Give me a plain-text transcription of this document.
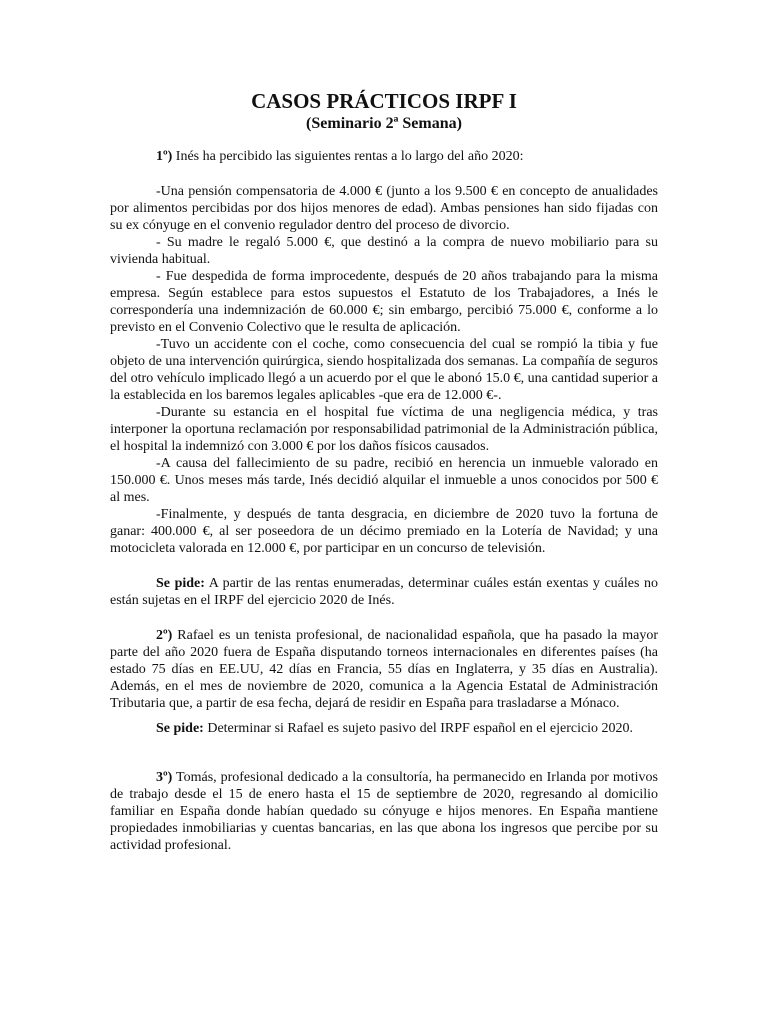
CASOS PRÁCTICOS IRPF I
(Seminario 2ª Semana)

1º) Inés ha percibido las siguientes rentas a lo largo del año 2020:

-Una pensión compensatoria de 4.000 € (junto a los 9.500 € en concepto de anualidades por alimentos percibidas por dos hijos menores de edad). Ambas pensiones han sido fijadas con su ex cónyuge en el convenio regulador dentro del proceso de divorcio.

- Su madre le regaló 5.000 €, que destinó a la compra de nuevo mobiliario para su vivienda habitual.

- Fue despedida de forma improcedente, después de 20 años trabajando para la misma empresa. Según establece para estos supuestos el Estatuto de los Trabajadores, a Inés le correspondería una indemnización de 60.000 €; sin embargo, percibió 75.000 €, conforme a lo previsto en el Convenio Colectivo que le resulta de aplicación.

-Tuvo un accidente con el coche, como consecuencia del cual se rompió la tibia y fue objeto de una intervención quirúrgica, siendo hospitalizada dos semanas. La compañía de seguros del otro vehículo implicado llegó a un acuerdo por el que le abonó 15.0 €, una cantidad superior a la establecida en los baremos legales aplicables -que era de 12.000 €-.

-Durante su estancia en el hospital fue víctima de una negligencia médica, y tras interponer la oportuna reclamación por responsabilidad patrimonial de la Administración pública, el hospital la indemnizó con 3.000 € por los daños físicos causados.

-A causa del fallecimiento de su padre, recibió en herencia un inmueble valorado en 150.000 €. Unos meses más tarde, Inés decidió alquilar el inmueble a unos conocidos por 500 € al mes.

-Finalmente, y después de tanta desgracia, en diciembre de 2020 tuvo la fortuna de ganar: 400.000 €, al ser poseedora de un décimo premiado en la Lotería de Navidad; y una motocicleta valorada en 12.000 €, por participar en un concurso de televisión.

Se pide: A partir de las rentas enumeradas, determinar cuáles están exentas y cuáles no están sujetas en el IRPF del ejercicio 2020 de Inés.

2º) Rafael es un tenista profesional, de nacionalidad española, que ha pasado la mayor parte del año 2020 fuera de España disputando torneos internacionales en diferentes países (ha estado 75 días en EE.UU, 42 días en Francia, 55 días en Inglaterra, y 35 días en Australia). Además, en el mes de noviembre de 2020, comunica a la Agencia Estatal de Administración Tributaria que, a partir de esa fecha, dejará de residir en España para trasladarse a Mónaco.

Se pide: Determinar si Rafael es sujeto pasivo del IRPF español en el ejercicio 2020.

3º) Tomás, profesional dedicado a la consultoría, ha permanecido en Irlanda por motivos de trabajo desde el 15 de enero hasta el 15 de septiembre de 2020, regresando al domicilio familiar en España donde habían quedado su cónyuge e hijos menores. En España mantiene propiedades inmobiliarias y cuentas bancarias, en las que abona los ingresos que percibe por su actividad profesional.
